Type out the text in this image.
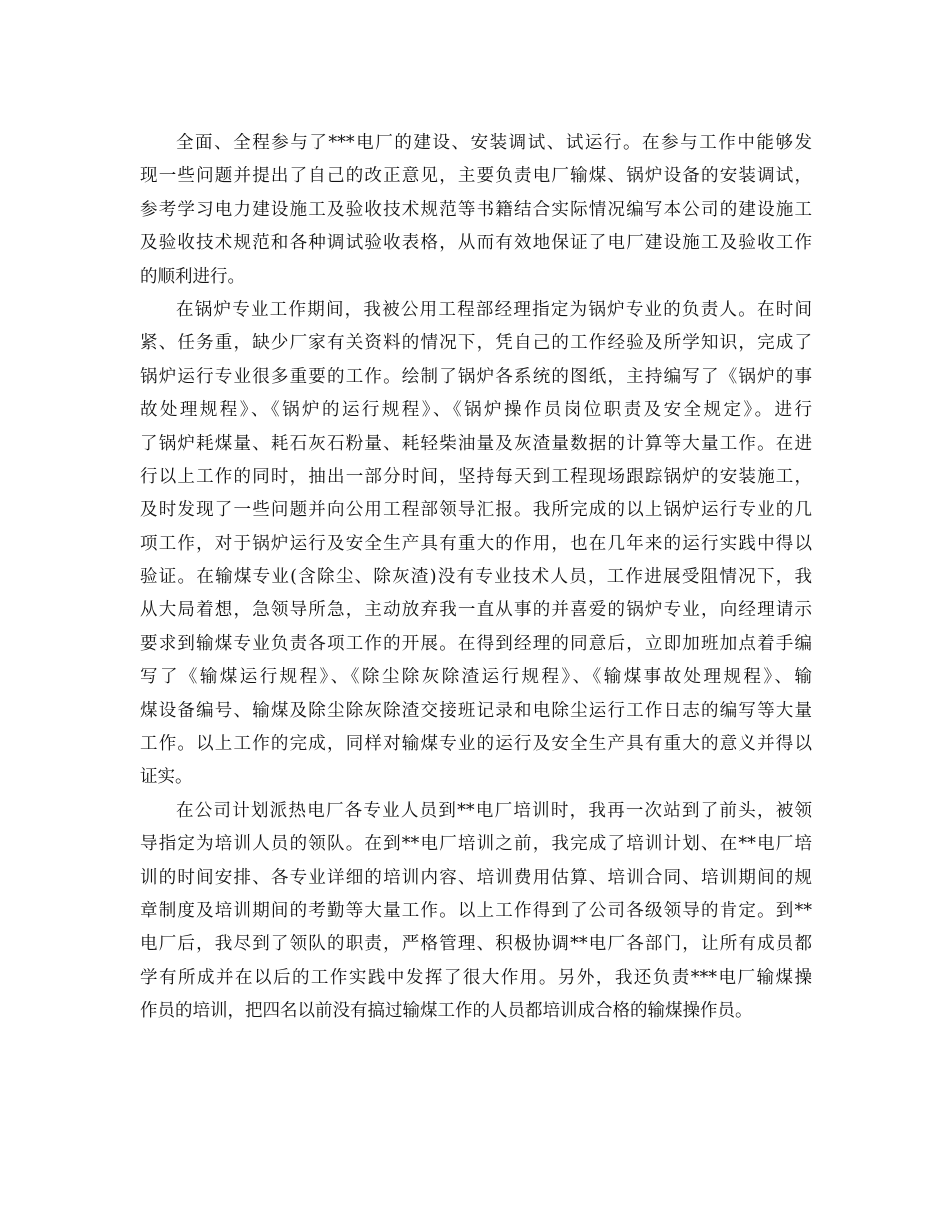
全面、全程参与了***电厂的建设、安装调试、试运行。在参与工作中能够发
现一些问题并提出了自己的改正意见，主要负责电厂输煤、锅炉设备的安装调试，
参考学习电力建设施工及验收技术规范等书籍结合实际情况编写本公司的建设施工
及验收技术规范和各种调试验收表格，从而有效地保证了电厂建设施工及验收工作
的顺利进行。
在锅炉专业工作期间，我被公用工程部经理指定为锅炉专业的负责人。在时间
紧、任务重，缺少厂家有关资料的情况下，凭自己的工作经验及所学知识，完成了
锅炉运行专业很多重要的工作。绘制了锅炉各系统的图纸，主持编写了《锅炉的事
故处理规程》、《锅炉的运行规程》、《锅炉操作员岗位职责及安全规定》。进行
了锅炉耗煤量、耗石灰石粉量、耗轻柴油量及灰渣量数据的计算等大量工作。在进
行以上工作的同时，抽出一部分时间，坚持每天到工程现场跟踪锅炉的安装施工，
及时发现了一些问题并向公用工程部领导汇报。我所完成的以上锅炉运行专业的几
项工作，对于锅炉运行及安全生产具有重大的作用，也在几年来的运行实践中得以
验证。在输煤专业(含除尘、除灰渣)没有专业技术人员，工作进展受阻情况下，我
从大局着想，急领导所急，主动放弃我一直从事的并喜爱的锅炉专业，向经理请示
要求到输煤专业负责各项工作的开展。在得到经理的同意后，立即加班加点着手编
写了《输煤运行规程》、《除尘除灰除渣运行规程》、《输煤事故处理规程》、输
煤设备编号、输煤及除尘除灰除渣交接班记录和电除尘运行工作日志的编写等大量
工作。以上工作的完成，同样对输煤专业的运行及安全生产具有重大的意义并得以
证实。
在公司计划派热电厂各专业人员到**电厂培训时，我再一次站到了前头，被领
导指定为培训人员的领队。在到**电厂培训之前，我完成了培训计划、在**电厂培
训的时间安排、各专业详细的培训内容、培训费用估算、培训合同、培训期间的规
章制度及培训期间的考勤等大量工作。以上工作得到了公司各级领导的肯定。到**
电厂后，我尽到了领队的职责，严格管理、积极协调**电厂各部门，让所有成员都
学有所成并在以后的工作实践中发挥了很大作用。另外，我还负责***电厂输煤操
作员的培训，把四名以前没有搞过输煤工作的人员都培训成合格的输煤操作员。
